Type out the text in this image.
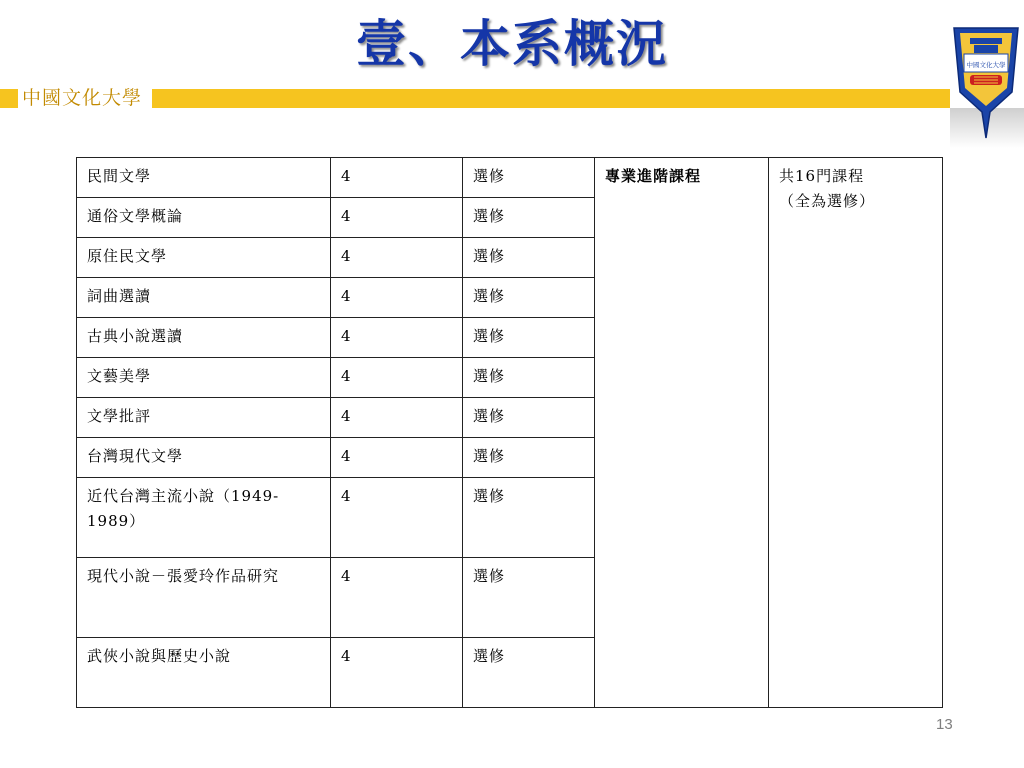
壹、本系概況
中國文化大學
中國文化大學
民間文學	4	選修	專業進階課程	共16門課程
（全為選修）

通俗文學概論	4	選修		
原住民文學	4	選修		
詞曲選讀	4	選修		
古典小說選讀	4	選修		
文藝美學	4	選修		
文學批評	4	選修		
台灣現代文學	4	選修		
近代台灣主流小說（1949-1989）	4	選修		
現代小說－張愛玲作品研究	4	選修		
武俠小說與歷史小說	4	選修		
13
